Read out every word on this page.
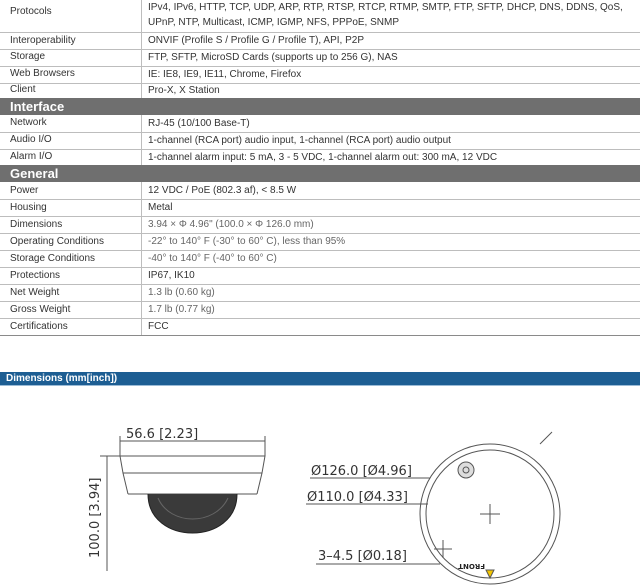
Protocols	IPv4, IPv6, HTTP, TCP, UDP, ARP, RTP, RTSP, RTCP, RTMP, SMTP, FTP, SFTP, DHCP, DNS, DDNS, QoS, UPnP, NTP, Multicast, ICMP, IGMP, NFS, PPPoE, SNMP
Interoperability	ONVIF (Profile S / Profile G / Profile T), API, P2P
Storage	FTP, SFTP, MicroSD Cards (supports up to 256 G), NAS
Web Browsers	IE: IE8, IE9, IE11, Chrome, Firefox
Client	Pro-X, X Station
Interface
Network	RJ-45 (10/100 Base-T)
Audio I/O	1-channel (RCA port) audio input, 1-channel (RCA port) audio output
Alarm I/O	1-channel alarm input: 5 mA, 3 - 5 VDC, 1-channel alarm out: 300 mA, 12 VDC
General
Power	12 VDC / PoE (802.3 af), < 8.5 W
Housing	Metal
Dimensions	3.94 × Φ 4.96" (100.0 × Φ 126.0 mm)
Operating Conditions	-22° to 140° F (-30° to 60° C), less than 95%
Storage Conditions	-40° to 140° F (-40° to 60° C)
Protections	IP67, IK10
Net Weight	1.3 lb (0.60 kg)
Gross Weight	1.7 lb (0.77 kg)
Certifications	FCC
Dimensions (mm[inch])
56.6 [2.23]
100.0 [3.94]
Ø126.0 [Ø4.96]
Ø110.0 [Ø4.33]
3–4.5 [Ø0.18]
FRONT
